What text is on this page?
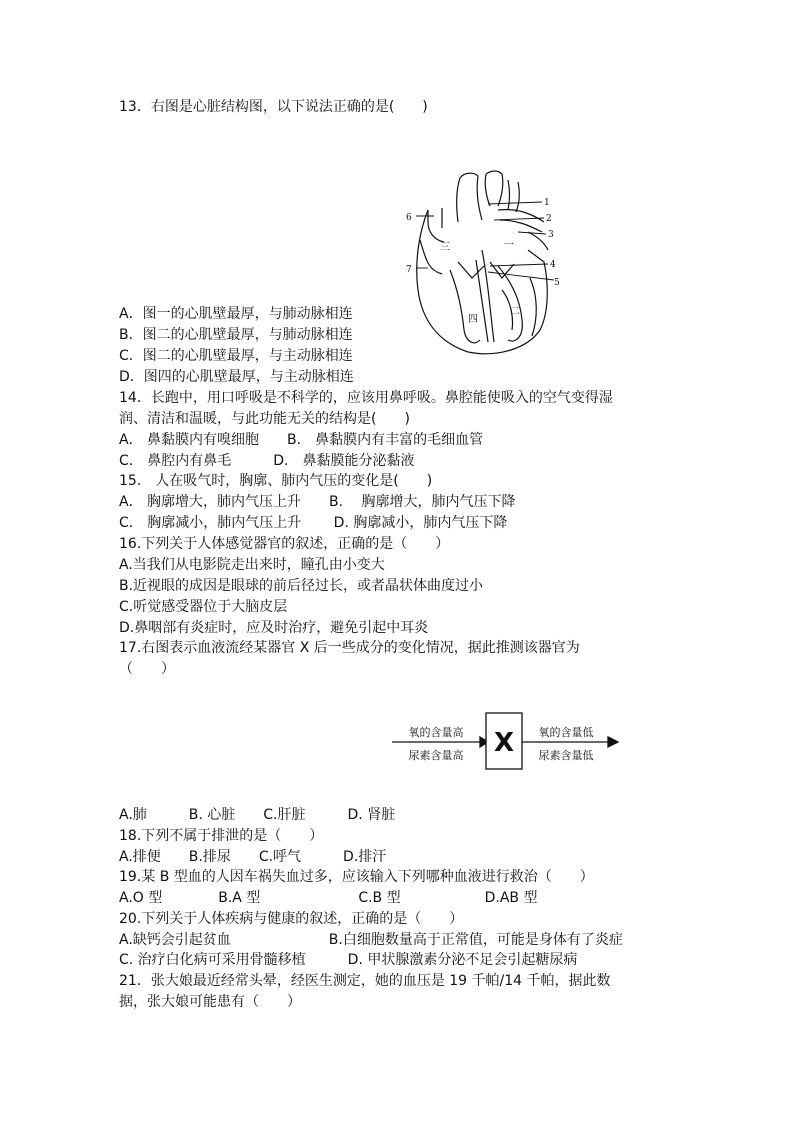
13．右图是心脏结构图，以下说法正确的是(　　)
A．图一的心肌壁最厚，与肺动脉相连
B．图二的心肌壁最厚，与肺动脉相连
C．图二的心肌壁最厚，与主动脉相连
D．图四的心肌壁最厚，与主动脉相连
14．长跑中，用口呼吸是不科学的，应该用鼻呼吸。鼻腔能使吸入的空气变得湿
润、清洁和温暖，与此功能无关的结构是(　　)
A． 鼻黏膜内有嗅细胞　　B． 鼻黏膜内有丰富的毛细血管
C． 鼻腔内有鼻毛　　　D.　鼻黏膜能分泌黏液
15． 人在吸气时，胸廓、肺内气压的变化是(　　)
A． 胸廓增大，肺内气压上升　　B.　 胸廓增大，肺内气压下降
C． 胸廓减小，肺内气压上升　　 D. 胸廓减小，肺内气压下降
16.下列关于人体感觉器官的叙述，正确的是（　　）
A.当我们从电影院走出来时，瞳孔由小变大
B.近视眼的成因是眼球的前后径过长，或者晶状体曲度过小
C.听觉感受器位于大脑皮层
D.鼻咽部有炎症时，应及时治疗，避免引起中耳炎
17.右图表示血液流经某器官 X 后一些成分的变化情况，据此推测该器官为
（　　）
A.肺　　　B. 心脏　　C.肝脏　　　D. 肾脏
18.下列不属于排泄的是（　　）
A.排便　　B.排尿　　C.呼气　　　D.排汗
19.某 B 型血的人因车祸失血过多，应该输入下列哪种血液进行救治（　　）
A.O 型　　　　B.A 型　　　　　　　C.B 型　　　　　　D.AB 型
20.下列关于人体疾病与健康的叙述，正确的是（　　）
A.缺钙会引起贫血　　　　　　　B.白细胞数量高于正常值，可能是身体有了炎症
C. 治疗白化病可采用骨髓移植　　　D. 甲状腺激素分泌不足会引起糖尿病
21．张大娘最近经常头晕，经医生测定，她的血压是 19 千帕/14 千帕，据此数
据，张大娘可能患有（　　）
1
2
3
4
5
6
7
三	一
四
二
X
氧的含量高
尿素含量高
氧的含量低
尿素含量低
